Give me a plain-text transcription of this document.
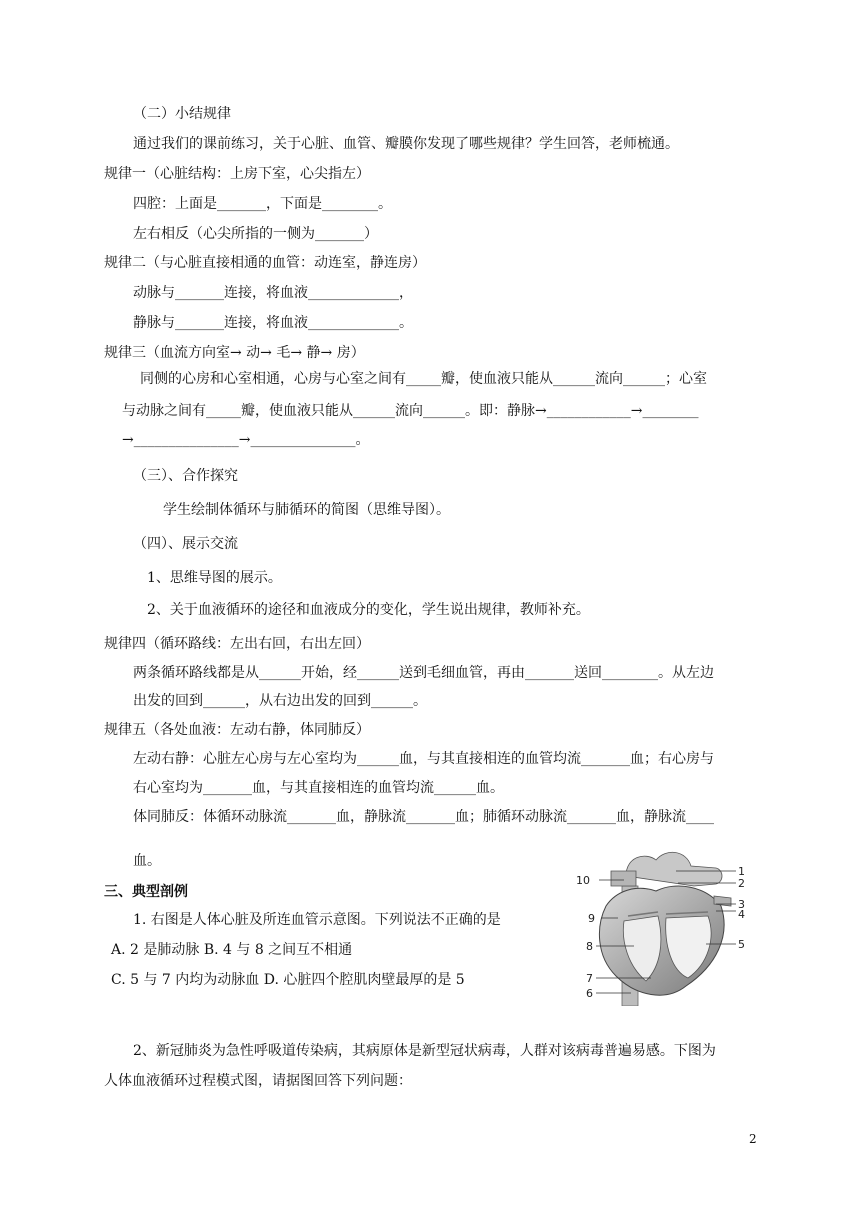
（二）小结规律
通过我们的课前练习，关于心脏、血管、瓣膜你发现了哪些规律？学生回答，老师梳通。
规律一（心脏结构：上房下室，心尖指左）
四腔：上面是_______，下面是________。
左右相反（心尖所指的一侧为_______）
规律二（与心脏直接相通的血管：动连室，静连房）
动脉与_______连接，将血液_____________，
静脉与_______连接，将血液_____________。
规律三（血流方向室→ 动→ 毛→ 静→ 房）
同侧的心房和心室相通，心房与心室之间有_____瓣，使血液只能从______流向______；心室
与动脉之间有_____瓣，使血液只能从______流向______。即：静脉→____________→________
→_______________→_______________。
（三）、合作探究
学生绘制体循环与肺循环的简图（思维导图）。
（四）、展示交流
1、思维导图的展示。
2、关于血液循环的途径和血液成分的变化，学生说出规律，教师补充。
规律四（循环路线：左出右回，右出左回）
两条循环路线都是从______开始，经______送到毛细血管，再由_______送回________。从左边
出发的回到______，从右边出发的回到______。
规律五（各处血液：左动右静，体同肺反）
左动右静：心脏左心房与左心室均为______血，与其直接相连的血管均流_______血；右心房与
右心室均为_______血，与其直接相连的血管均流______血。
体同肺反：体循环动脉流_______血，静脉流_______血；肺循环动脉流_______血，静脉流____
血。
三、典型剖例
1. 右图是人体心脏及所连血管示意图。下列说法不正确的是
A. 2 是肺动脉 B. 4 与 8 之间互不相通
C. 5 与 7 内均为动脉血 D. 心脏四个腔肌肉壁最厚的是 5
2、新冠肺炎为急性呼吸道传染病，其病原体是新型冠状病毒，人群对该病毒普遍易感。下图为
人体血液循环过程模式图，请据图回答下列问题：
2
1
2
3
4
5
6
7
8
9
10
